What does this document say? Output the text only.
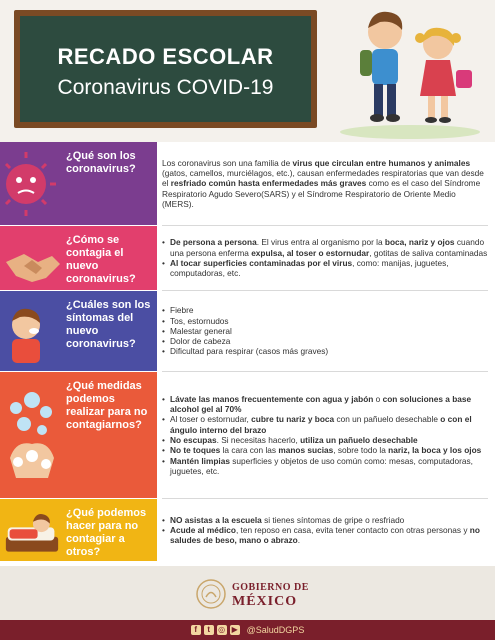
RECADO ESCOLAR
Coronavirus COVID-19
¿Qué son los coronavirus?

Los coronavirus son una familia de virus que circulan entre humanos y animales (gatos, camellos, murciélagos, etc.), causan enfermedades respiratorias que van desde el resfriado común hasta enfermedades más graves como es el caso del Síndrome Respiratorio Agudo Severo(SARS) y el Síndrome Respiratorio de Oriente Medio (MERS).

¿Cómo se contagia el nuevo coronavirus?
• De persona a persona. El virus entra al organismo por la boca, nariz y ojos cuando una persona enferma expulsa, al toser o estornudar, gotitas de saliva contaminadas
• Al tocar superficies contaminadas por el virus, como: manijas, juguetes, computadoras, etc.
¿Cuáles son los síntomas del nuevo coronavirus?
• Fiebre
• Tos, estornudos
• Malestar general
• Dolor de cabeza
• Dificultad para respirar (casos más graves)
¿Qué medidas podemos realizar para no contagiarnos?
• Lávate las manos frecuentemente con agua y jabón o con soluciones a base alcohol gel al 70%
• Al toser o estornudar, cubre tu nariz y boca con un pañuelo desechable o con el ángulo interno del brazo
• No escupas. Si necesitas hacerlo, utiliza un pañuelo desechable
• No te toques la cara con las manos sucias, sobre todo la nariz, la boca y los ojos
• Mantén limpias superficies y objetos de uso común como: mesas, computadoras, juguetes, etc.
¿Qué podemos hacer para no contagiar a otros?
• NO asistas a la escuela si tienes síntomas de gripe o resfriado
• Acude al médico, ten reposo en casa, evita tener contacto con otras personas y no saludes de beso, mano o abrazo.
GOBIERNO DE
MÉXICO
f	t	◎ ▶ @SaludDGPS
